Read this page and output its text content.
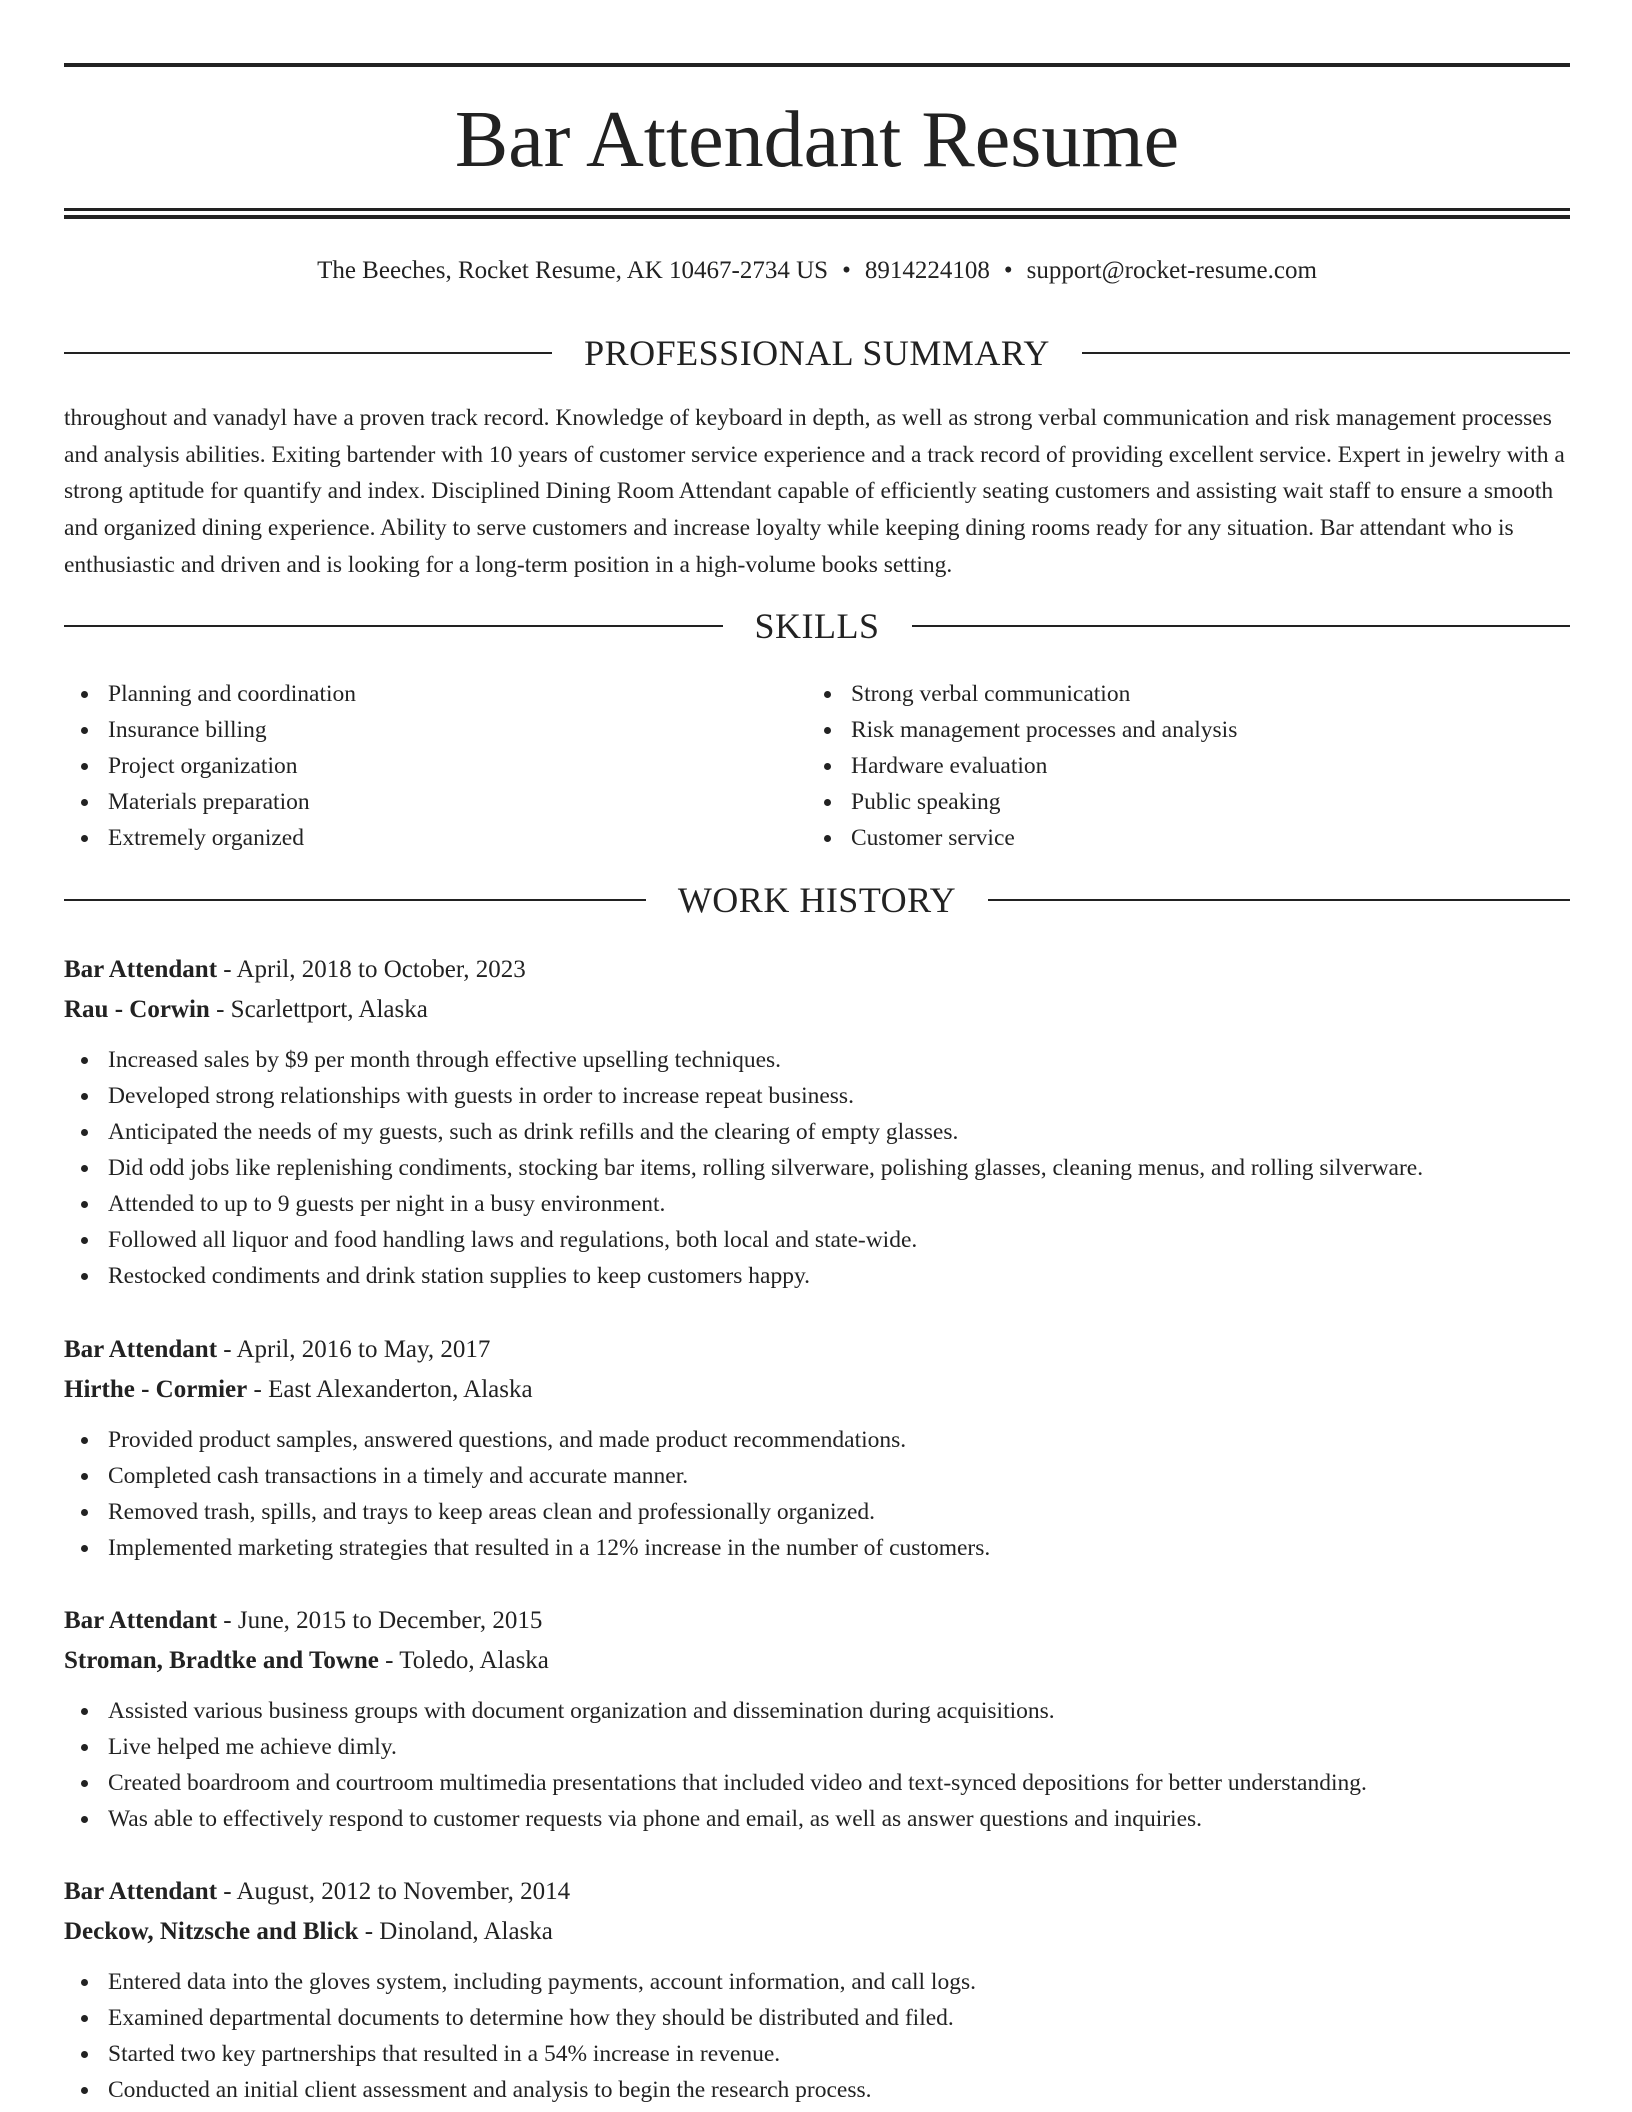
Bar Attendant Resume
The Beeches, Rocket Resume, AK 10467-2734 US • 8914224108 • support@rocket-resume.com
PROFESSIONAL SUMMARY

throughout and vanadyl have a proven track record. Knowledge of keyboard in depth, as well as strong verbal communication and risk management processes and analysis abilities. Exiting bartender with 10 years of customer service experience and a track record of providing excellent service. Expert in jewelry with a strong aptitude for quantify and index. Disciplined Dining Room Attendant capable of efficiently seating customers and assisting wait staff to ensure a smooth and organized dining experience. Ability to serve customers and increase loyalty while keeping dining rooms ready for any situation. Bar attendant who is enthusiastic and driven and is looking for a long-term position in a high-volume books setting.

SKILLS
Planning and coordination
Insurance billing
Project organization
Materials preparation
Extremely organized
Strong verbal communication
Risk management processes and analysis
Hardware evaluation
Public speaking
Customer service
WORK HISTORY
Bar Attendant - April, 2018 to October, 2023
Rau - Corwin - Scarlettport, Alaska
Increased sales by $9 per month through effective upselling techniques.
Developed strong relationships with guests in order to increase repeat business.
Anticipated the needs of my guests, such as drink refills and the clearing of empty glasses.
Did odd jobs like replenishing condiments, stocking bar items, rolling silverware, polishing glasses, cleaning menus, and rolling silverware.
Attended to up to 9 guests per night in a busy environment.
Followed all liquor and food handling laws and regulations, both local and state-wide.
Restocked condiments and drink station supplies to keep customers happy.
Bar Attendant - April, 2016 to May, 2017
Hirthe - Cormier - East Alexanderton, Alaska
Provided product samples, answered questions, and made product recommendations.
Completed cash transactions in a timely and accurate manner.
Removed trash, spills, and trays to keep areas clean and professionally organized.
Implemented marketing strategies that resulted in a 12% increase in the number of customers.
Bar Attendant - June, 2015 to December, 2015
Stroman, Bradtke and Towne - Toledo, Alaska
Assisted various business groups with document organization and dissemination during acquisitions.
Live helped me achieve dimly.
Created boardroom and courtroom multimedia presentations that included video and text-synced depositions for better understanding.
Was able to effectively respond to customer requests via phone and email, as well as answer questions and inquiries.
Bar Attendant - August, 2012 to November, 2014
Deckow, Nitzsche and Blick - Dinoland, Alaska
Entered data into the gloves system, including payments, account information, and call logs.
Examined departmental documents to determine how they should be distributed and filed.
Started two key partnerships that resulted in a 54% increase in revenue.
Conducted an initial client assessment and analysis to begin the research process.
